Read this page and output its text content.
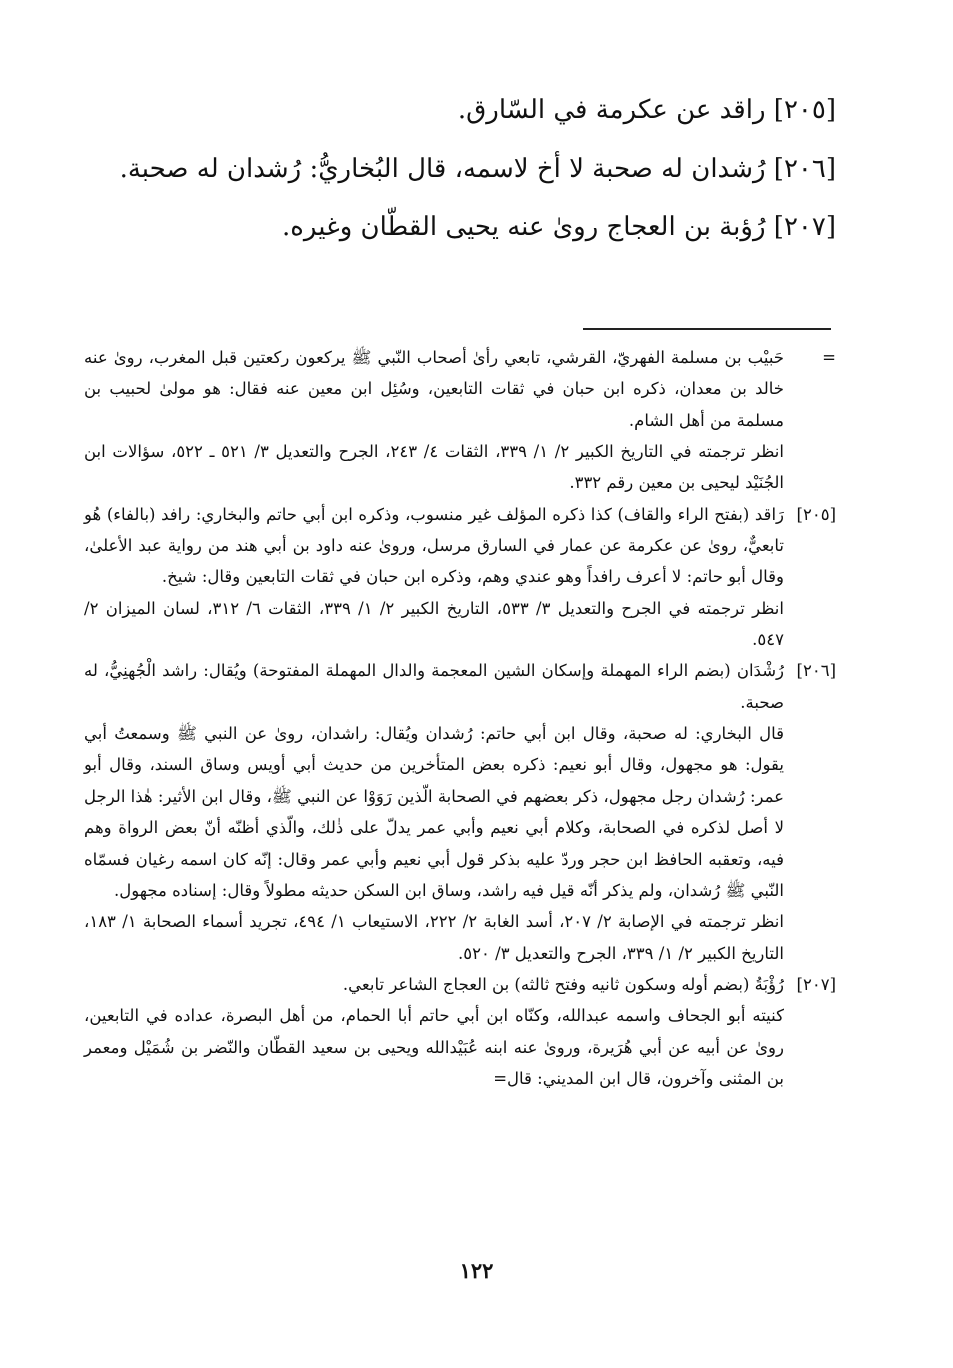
[٢٠٥] راقد عن عكرمة في السّارق.

[٢٠٦] رُشدان له صحبة لا أخ لاسمه، قال البُخاريُّ: رُشدان له صحبة.

[٢٠٧] رُؤبة بن العجاج روىٰ عنه يحيى القطّان وغيره.

=

حَبيْب بن مسلمة الفهريّ، القرشي، تابعي رأىٰ أصحاب النّبي ﷺ يركعون ركعتين قبل المغرب، روىٰ عنه خالد بن معدان، ذكره ابن حبان في ثقات التابعين، وسُئِل ابن معين عنه فقال: هو مولىٰ لحبيب بن مسلمة من أهل الشام.

انظر ترجمته في التاريخ الكبير ٢/ ١/ ٣٣٩، الثقات ٤/ ٢٤٣، الجرح والتعديل ٣/ ٥٢١ ـ ٥٢٢، سؤالات ابن الجُنَيْد ليحيى بن معين رقم ٣٣٢.

[٢٠٥]

رَاقد (بفتح الراء والقاف) كذا ذكره المؤلف غير منسوب، وذكره ابن أبي حاتم والبخاري: رافد (بالفاء) هُو تابعيٌّ، روىٰ عن عكرمة عن عمار في السارق مرسل، وروىٰ عنه داود بن أبي هند من رواية عبد الأعلىٰ، وقال أبو حاتم: لا أعرف رافداً وهو عندي وهم، وذكره ابن حبان في ثقات التابعين وقال: شيخ.

انظر ترجمته في الجرح والتعديل ٣/ ٥٣٣، التاريخ الكبير ٢/ ١/ ٣٣٩، الثقات ٦/ ٣١٢، لسان الميزان ٢/ ٥٤٧.

[٢٠٦]

رُشْدَان (بضم الراء المهملة وإسكان الشين المعجمة والدال المهملة المفتوحة) ويُقال: راشد الْجُهنِيُّ، له صحبة.

قال البخاري: له صحبة، وقال ابن أبي حاتم: رُشدان ويُقال: راشدان، روىٰ عن النبي ﷺ وسمعتُ أبي يقول: هو مجهول، وقال أبو نعيم: ذكره بعض المتأخرين من حديث أبي أويس وساق السند، وقال أبو عمر: رُشدان رجل مجهول، ذكر بعضهم في الصحابة الّذين رَوَوْا عن النبي ﷺ، وقال ابن الأثير: هٰذا الرجل لا أصل لذكره في الصحابة، وكلام أبي نعيم وأبي عمر يدلّ على ذٰلك، والّذي أظنّه أنّ بعض الرواة وهم فيه، وتعقبه الحافظ ابن حجر وردّ عليه بذكر قول أبي نعيم وأبي عمر وقال: إنّه كان اسمه رغيان فسمّاه النّبي ﷺ رُشدان، ولم يذكر أنّه قيل فيه راشد، وساق ابن السكن حديثه مطولاً وقال: إسناده مجهول.

انظر ترجمته في الإصابة ٢/ ٢٠٧، أسد الغابة ٢/ ٢٢٢، الاستيعاب ١/ ٤٩٤، تجريد أسماء الصحابة ١/ ١٨٣، التاريخ الكبير ٢/ ١/ ٣٣٩، الجرح والتعديل ٣/ ٥٢٠.

[٢٠٧]

رُؤْبَةُ (بضم أوله وسكون ثانيه وفتح ثالثه) بن العجاج الشاعر تابعي.

كنيته أبو الجحاف واسمه عبدالله، وكنّاه ابن أبي حاتم أبا الحمام، من أهل البصرة، عداده في التابعين، روىٰ عن أبيه عن أبي هُرَيرة، وروىٰ عنه ابنه عُبَيْدالله ويحيى بن سعيد القطّان والنّضر بن شُمَيْل ومعمر بن المثنى وآخرون، قال ابن المديني: قال=

١٢٢
